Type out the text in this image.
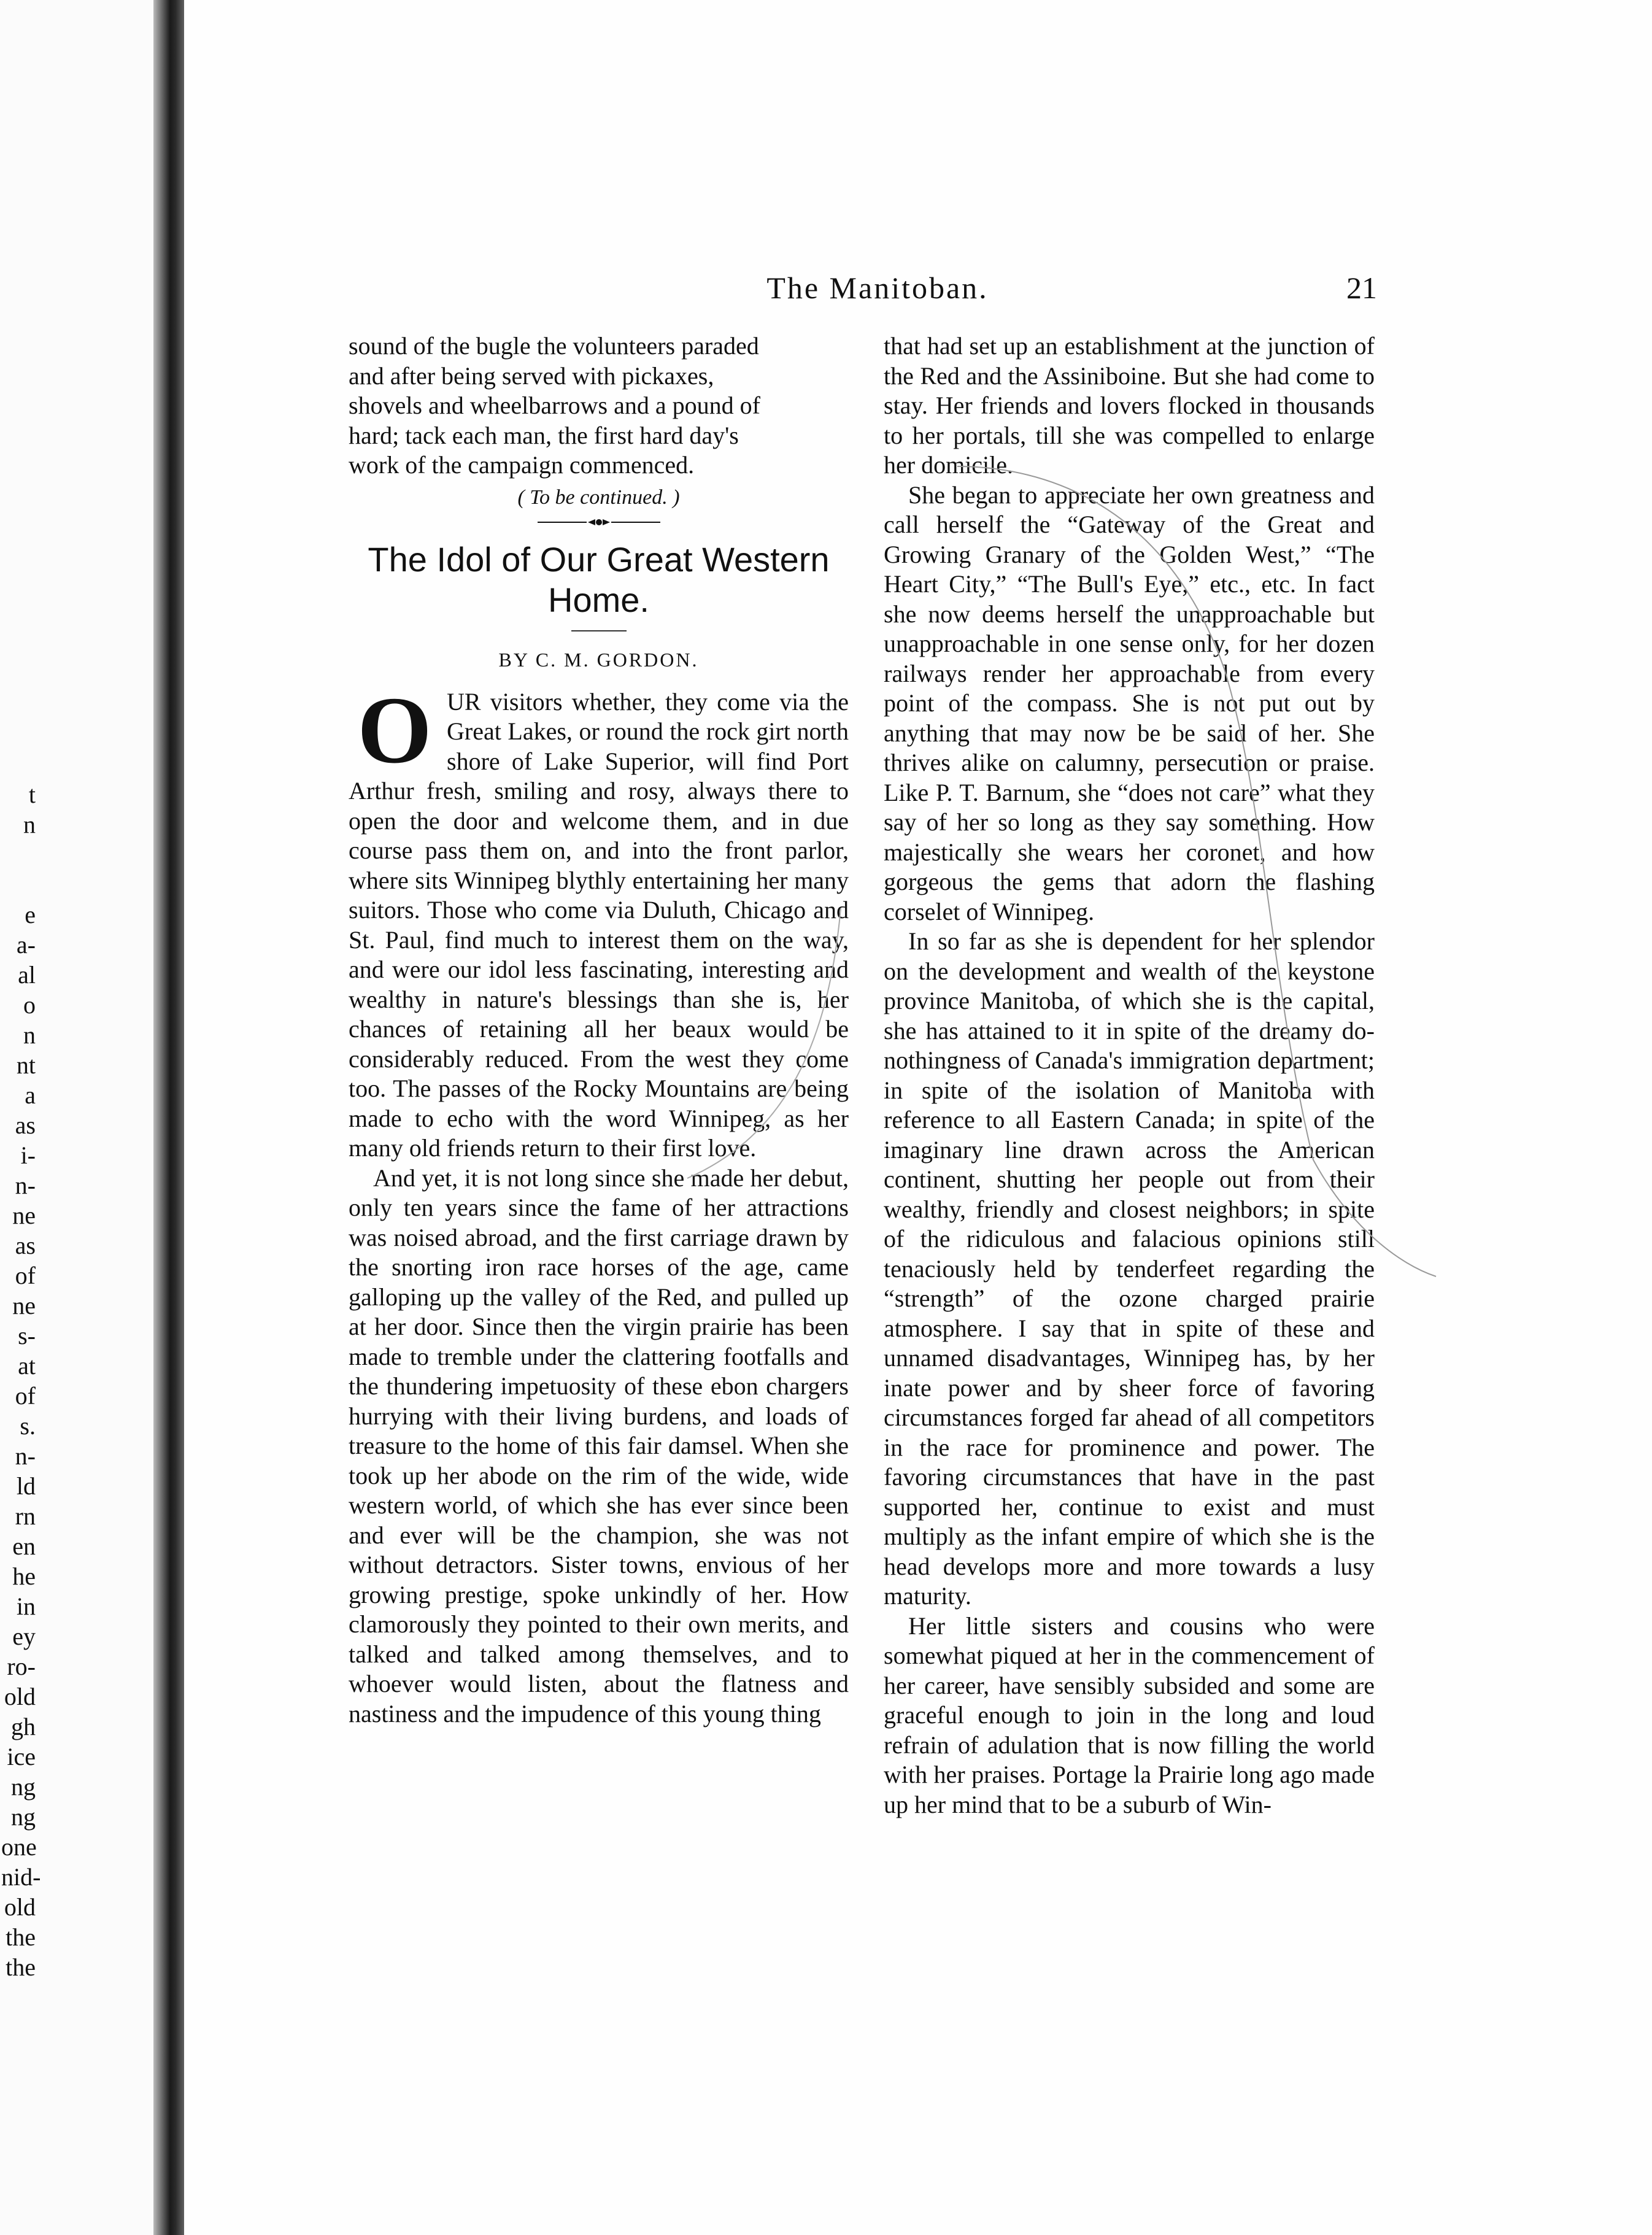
t
n
e
a-
al
o
n
nt
a
as
i-
n-
ne
as
of
ne
s-
at
of
s.
n-
ld
rn
en
he
in
ey
ro-
old
gh
ice
ng
ng
one
nid-
old
the
the
The Manitoban.	21

sound of the bugle the volunteers paraded

and after being served with pickaxes,

shovels and wheelbarrows and a pound of

hard; tack each man, the first hard day's

work of the campaign commenced.

( To be continued. )
The Idol of Our Great Western Home.
BY C. M. GORDON.

OUR visitors whether, they come via the Great Lakes, or round the rock girt north shore of Lake Superior, will find Port Arthur fresh, smiling and rosy, always there to open the door and welcome them, and in due course pass them on, and into the front parlor, where sits Winnipeg blythly entertaining her many suitors. Those who come via Duluth, Chicago and St. Paul, find much to interest them on the way, and were our idol less fascinating, interesting and wealthy in nature's blessings than she is, her chances of retaining all her beaux would be considerably reduced. From the west they come too. The passes of the Rocky Mountains are being made to echo with the word Winnipeg, as her many old friends return to their first love.

And yet, it is not long since she made her debut, only ten years since the fame of her attractions was noised abroad, and the first carriage drawn by the snorting iron race horses of the age, came galloping up the valley of the Red, and pulled up at her door. Since then the virgin prairie has been made to tremble under the clattering footfalls and the thundering impetuosity of these ebon chargers hurrying with their living burdens, and loads of treasure to the home of this fair damsel. When she took up her abode on the rim of the wide, wide western world, of which she has ever since been and ever will be the champion, she was not without detractors. Sister towns, envious of her growing prestige, spoke unkindly of her. How clamorously they pointed to their own merits, and talked and talked among themselves, and to whoever would listen, about the flatness and nastiness and the impudence of this young thing

that had set up an establishment at the junction of the Red and the Assiniboine. But she had come to stay. Her friends and lovers flocked in thousands to her portals, till she was compelled to enlarge her domicile.

She began to appreciate her own greatness and call herself the “Gateway of the Great and Growing Granary of the Golden West,” “The Heart City,” “The Bull's Eye,” etc., etc. In fact she now deems herself the unapproachable but unapproachable in one sense only, for her dozen railways render her approachable from every point of the compass. She is not put out by anything that may now be be said of her. She thrives alike on calumny, persecution or praise. Like P. T. Barnum, she “does not care” what they say of her so long as they say something. How majestically she wears her coronet, and how gorgeous the gems that adorn the flashing corselet of Winnipeg.

In so far as she is dependent for her splendor on the development and wealth of the keystone province Manitoba, of which she is the capital, she has attained to it in spite of the dreamy do-nothingness of Canada's immigration department; in spite of the isolation of Manitoba with reference to all Eastern Canada; in spite of the imaginary line drawn across the American continent, shutting her people out from their wealthy, friendly and closest neighbors; in spite of the ridiculous and falacious opinions still tenaciously held by tenderfeet regarding the “strength” of the ozone charged prairie atmosphere. I say that in spite of these and unnamed disadvantages, Winnipeg has, by her inate power and by sheer force of favoring circumstances forged far ahead of all competitors in the race for prominence and power. The favoring circumstances that have in the past supported her, continue to exist and must multiply as the infant empire of which she is the head develops more and more towards a lusy maturity.

Her little sisters and cousins who were somewhat piqued at her in the commencement of her career, have sensibly subsided and some are graceful enough to join in the long and loud refrain of adulation that is now filling the world with her praises. Portage la Prairie long ago made up her mind that to be a suburb of Win-
